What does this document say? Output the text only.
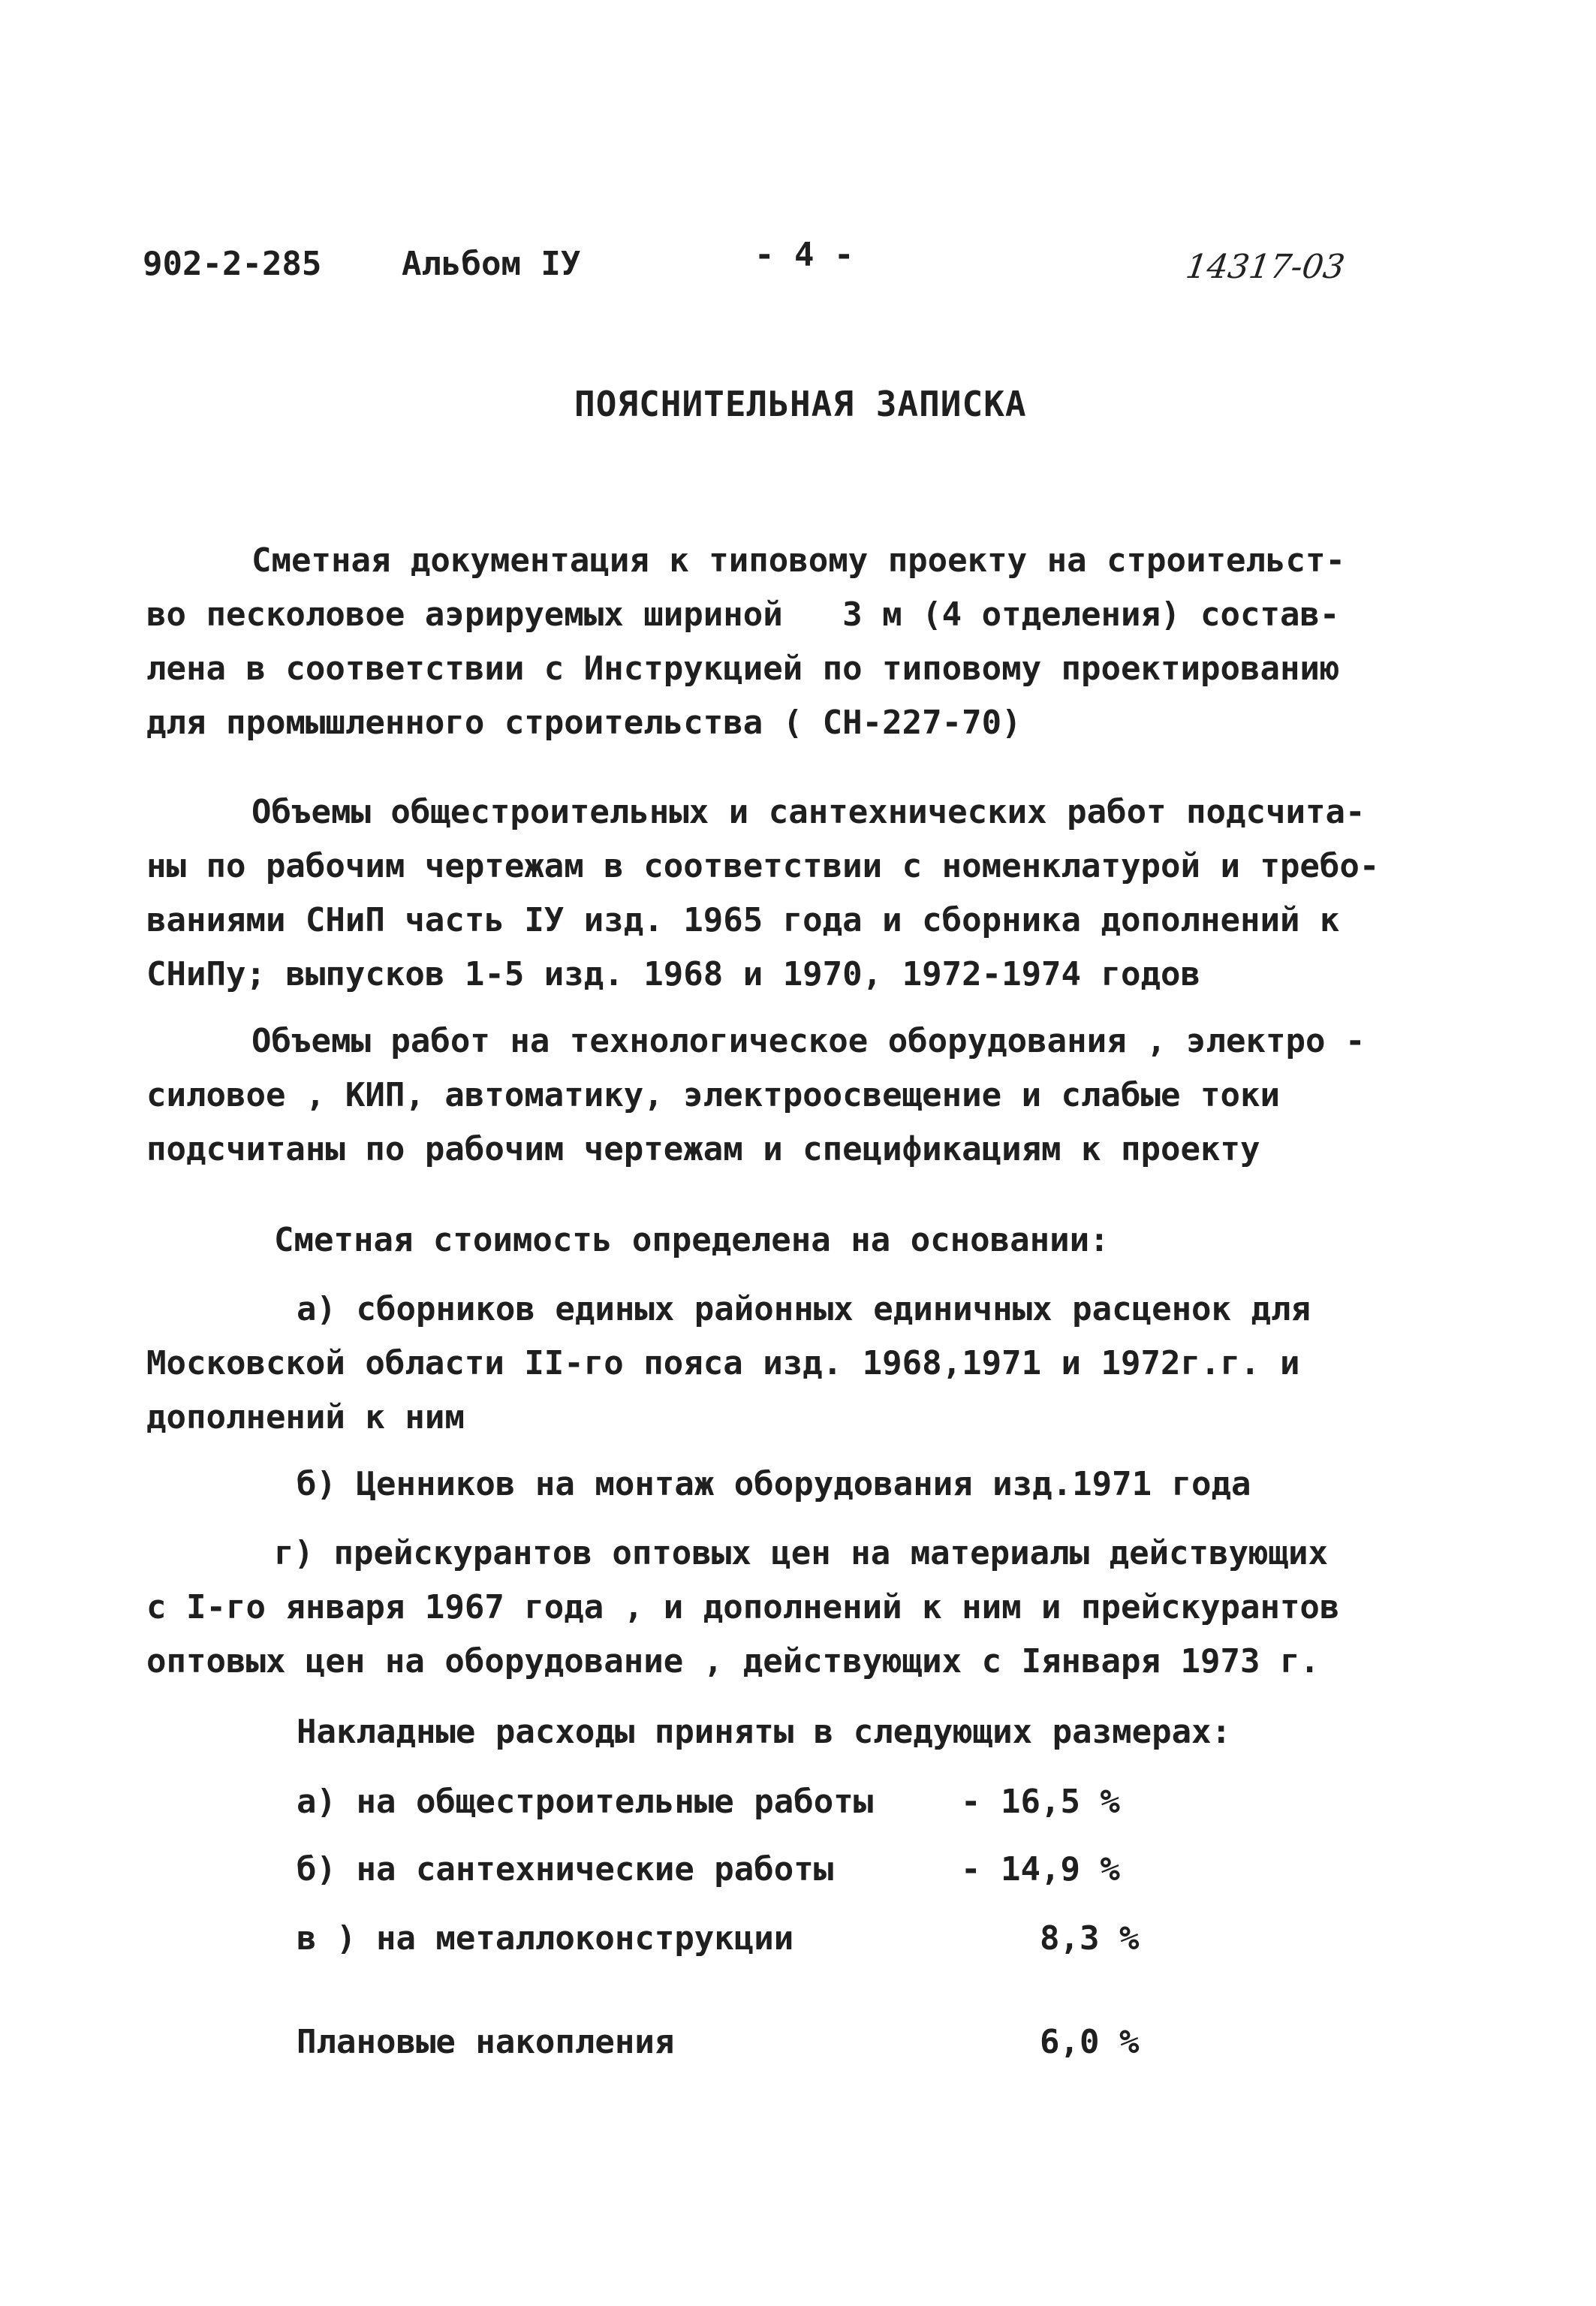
902-2-285 Альбом IУ	- 4 -	14317-03
ПОЯСНИТЕЛЬНАЯ ЗАПИСКА
Сметная документация к типовому проекту на строительст-
во песколовое аэрируемых шириной   3 м (4 отделения) состав-
лена в соответствии с Инструкцией по типовому проектированию
для промышленного строительства ( СН-227-70)
Объемы общестроительных и сантехнических работ подсчита-
ны по рабочим чертежам в соответствии с номенклатурой и требо-
ваниями СНиП часть IУ изд. 1965 года и сборника дополнений к
СНиПу; выпусков 1-5 изд. 1968 и 1970, 1972-1974 годов
Объемы работ на технологическое оборудования , электро -
силовое , КИП, автоматику, электроосвещение и слабые токи
подсчитаны по рабочим чертежам и спецификациям к проекту
Сметная стоимость определена на основании:
а) сборников единых районных единичных расценок для
Московской области II-го пояса изд. 1968,1971 и 1972г.г. и
дополнений к ним
б) Ценников на монтаж оборудования изд.1971 года
г) прейскурантов оптовых цен на материалы действующих
с I-го января 1967 года , и дополнений к ним и прейскурантов
оптовых цен на оборудование , действующих с Iянваря 1973 г.
Накладные расходы приняты в следующих размерах:
а) на общестроительные работы	- 16,5 %
б) на сантехнические работы	- 14,9 %
в ) на металлоконструкции	8,3 %
Плановые накопления	6,0 %
